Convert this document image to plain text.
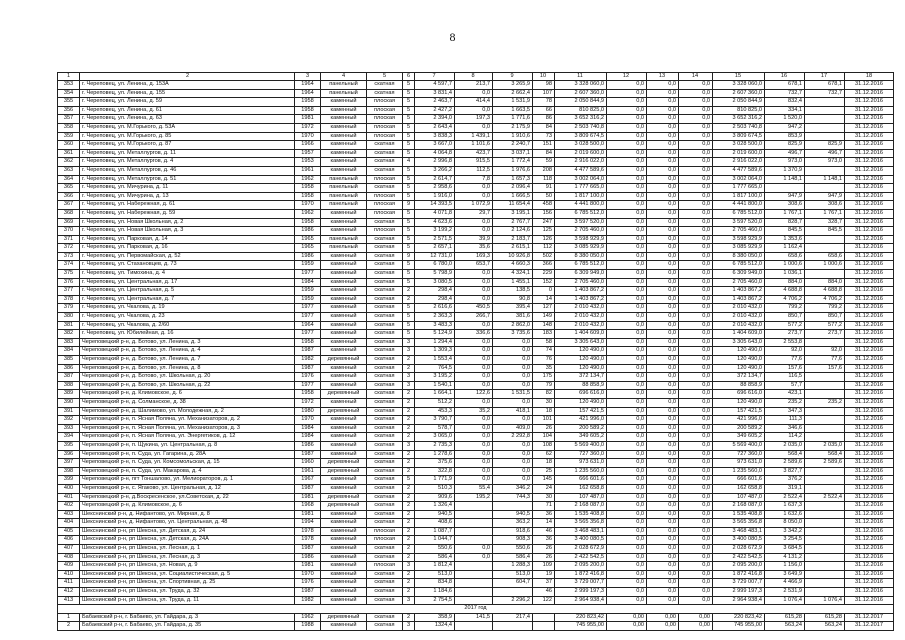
8
1	2	3	4	5	6	7	8	9	10	11	12	13	14	15	16	17	18
353	г. Череповец, ул. Ленина, д. 153А	1964	панельный	скатная	5	4 597,7	213,7	3 265,9	98	3 328 060,0	0,0	0,0	0,0	3 328 060,0	678,1	678,1	31.12.2016
354	г. Череповец, ул. Ленина, д. 155	1964	панельный	скатная	5	3 831,4	0,0	2 662,4	107	2 607 360,0	0,0	0,0	0,0	2 607 360,0	732,7	732,7	31.12.2016
355	г. Череповец, ул. Ленина, д. 59	1958	каменный	плоская	5	2 463,7	414,4	1 531,9	78	2 050 844,9	0,0	0,0	0,0	2 050 844,9	832,4		31.12.2016
356	г. Череповец, ул. Ленина, д. 61	1958	каменный	плоская	5	2 427,2	0,0	1 663,5	66	810 825,0	0,0	0,0	0,0	810 825,0	334,1		31.12.2016
357	г. Череповец, ул. Ленина, д. 63	1981	каменный	плоская	5	2 394,0	197,3	1 771,6	86	3 652 316,2	0,0	0,0	0,0	3 652 316,2	1 520,0		31.12.2016
358	г. Череповец, ул. М.Горького, д. 53А	1972	каменный	плоская	5	2 643,4	0,0	2 175,9	84	2 503 740,8	0,0	0,0	0,0	2 503 740,8	947,2		31.12.2016
359	г. Череповец, ул. М.Горького, д. 85	1970	каменный	плоская	5	3 838,3	1 439,1	1 910,6	73	3 809 674,5	0,0	0,0	0,0	3 809 674,5	853,9		31.12.2016
360	г. Череповец, ул. М.Горького, д. 87	1966	каменный	скатная	5	3 667,0	1 101,6	2 240,7	151	3 028 500,0	0,0	0,0	0,0	3 028 500,0	825,9	825,9	31.12.2016
361	г. Череповец, ул. Металлургов, д. 11	1957	каменный	скатная	5	4 064,8	423,7	3 037,1	84	2 019 600,0	0,0	0,0	0,0	2 019 600,0	496,7	496,7	31.12.2016
362	г. Череповец, ул. Металлургов, д. 4	1953	каменный	скатная	4	2 996,8	915,5	1 772,4	59	2 916 022,0	0,0	0,0	0,0	2 916 022,0	973,0	973,0	31.12.2016
363	г. Череповец, ул. Металлургов, д. 46	1961	каменный	скатная	5	3 266,2	112,5	1 976,6	208	4 477 589,6	0,0	0,0	0,0	4 477 589,6	1 370,9		31.12.2016
364	г. Череповец, ул. Металлургов, д. 51	1962	панельный	плоская	5	2 614,7	7,8	1 657,3	118	3 002 064,0	0,0	0,0	0,0	3 002 064,0	1 148,1	1 148,1	31.12.2016
365	г. Череповец, ул. Мичурина, д. 11	1958	панельный	скатная	5	2 958,6	0,0	2 096,4	91	1 777 665,0	0,0	0,0	0,0	1 777 665,0			31.12.2016
366	г. Череповец, ул. Мичурина, д. 13	1958	панельный	плоская	5	1 916,0	0,0	1 666,5	50	1 817 100,0	0,0	0,0	0,0	1 817 100,0	947,9	947,9	31.12.2016
367	г. Череповец, ул. Набережная, д. 61	1970	панельный	плоская	9	14 393,5	1 072,9	11 654,4	458	4 441 800,0	0,0	0,0	0,0	4 441 800,0	308,6	308,6	31.12.2016
368	г. Череповец, ул. Набережная, д. 59	1962	каменный	плоская	5	4 071,8	29,7	3 195,1	156	6 785 512,0	0,0	0,0	0,0	6 785 512,0	1 767,1	1 767,1	31.12.2016
369	г. Череповец, ул. Новая Школьная, д. 2	1958	каменный	скатная	5	4 623,6	0,0	2 767,7	247	3 597 520,0	0,0	0,0	0,0	3 597 520,0	828,7	328,7	31.12.2016
370	г. Череповец, ул. Новая Школьная, д. 3	1986	каменный	плоская	5	3 199,2	0,0	2 124,6	125	2 705 460,0	0,0	0,0	0,0	2 705 460,0	845,5	845,5	31.12.2016
371	г. Череповец, ул. Парковая, д. 14	1965	панельный	скатная	5	2 571,5	39,9	2 183,7	126	3 598 929,9	0,0	0,0	0,0	3 598 929,9	1 353,6		31.12.2016
372	г. Череповец, ул. Парковая, д. 16	1965	панельный	скатная	5	2 657,1	35,6	2 615,1	112	3 085 929,9	0,0	0,0	0,0	3 085 929,9	1 162,4		31.12.2016
373	г. Череповец, ул. Первомайская, д. 52	1986	каменный	скатная	9	12 731,0	169,3	10 926,8	502	8 380 050,0	0,0	0,0	0,0	8 380 050,0	658,6	658,6	31.12.2016
374	г. Череповец, ул. Стахановцев, д. 73	1959	каменный	скатная	5	6 780,0	653,7	4 660,3	366	6 785 512,0	0,0	0,0	0,0	6 785 512,0	1 000,6	1 000,6	31.12.2016
375	г. Череповец, ул. Тимохина, д. 4	1977	каменный	скатная	5	5 798,9	0,0	4 324,1	229	6 309 949,0	0,0	0,0	0,0	6 309 949,0	1 036,1		31.12.2016
376	г. Череповец, ул. Центральная, д. 17	1984	каменный	скатная	5	3 080,5	0,0	1 455,1	152	2 705 460,0	0,0	0,0	0,0	2 705 460,0	884,0	884,0	31.12.2016
377	г. Череповец, ул. Центральная, д. 5	1959	каменный	скатная	2	298,4	0,0	138,5	0	1 403 867,2	0,0	0,0	0,0	1 403 867,2	4 688,8	4 688,8	31.12.2016
378	г. Череповец, ул. Центральная, д. 7	1959	каменный	скатная	2	298,4	0,0	90,8	14	1 403 867,2	0,0	0,0	0,0	1 403 867,2	4 706,2	4 706,2	31.12.2016
379	г. Череповец, ул. Чкалова, д. 19	1977	каменный	скатная	5	2 616,6	450,5	395,4	127	2 010 432,0	0,0	0,0	0,0	2 010 432,0	799,2	799,2	31.12.2016
380	г. Череповец, ул. Чкалова, д. 23	1977	каменный	скатная	5	2 363,3	266,7	381,6	149	2 010 432,0	0,0	0,0	0,0	2 010 432,0	850,7	850,7	31.12.2016
381	г. Череповец, ул. Чкалова, д. 2/60	1964	каменный	скатная	5	3 483,3	0,0	2 862,0	148	2 010 432,0	0,0	0,0	0,0	2 010 432,0	577,2	577,2	31.12.2016
382	г. Череповец, ул. Юбилейная, д. 16	1977	каменный	скатная	5	5 124,9	336,6	3 735,6	183	1 404 609,0	0,0	0,0	0,0	1 404 609,0	273,7	273,7	31.12.2016
383	Череповецкий р-н, д. Ботово, ул. Ленина, д. 3	1958	каменный	скатная	3	1 294,4	0,0	0,0	58	3 305 643,0	0,0	0,0	0,0	3 305 643,0	2 553,8		31.12.2016
384	Череповецкий р-н, д. Ботово, ул. Ленина, д. 4	1987	каменный	скатная	3	1 309,3	0,0	0,0	74	120 490,0	0,0	0,0	0,0	120 490,0	92,0	92,0	31.12.2016
385	Череповецкий р-н, д. Ботово, ул. Ленина, д. 7	1982	деревянный	скатная	2	1 553,4	0,0	0,0	76	120 490,0	0,0	0,0	0,0	120 490,0	77,6	77,6	31.12.2016
386	Череповецкий р-н, д. Ботово, ул. Ленина, д. 8	1987	каменный	скатная	2	764,5	0,0	0,0	35	120 490,0	0,0	0,0	0,0	120 490,0	157,6	157,6	31.12.2016
387	Череповецкий р-н, д. Ботово, ул. Школьная, д. 20	1976	каменный	скатная	3	3 195,2	0,0	0,0	175	372 134,7	0,0	0,0	0,0	372 134,7	116,5		31.12.2016
388	Череповецкий р-н, д. Ботово, ул. Школьная, д. 22	1977	каменный	скатная	3	1 540,1	0,0	0,0	79	88 858,9	0,0	0,0	0,0	88 858,9	57,7		31.12.2016
389	Череповецкий р-н, д. Климовское, д. 6	1958	деревянный	скатная	2	1 664,1	122,6	1 531,5	82	696 616,0	0,0	0,0	0,0	696 616,0	423,1		31.12.2016
390	Череповецкий р-н, д. Солманское, д. 38	1972	каменный	скатная	2	512,2	0,0	0,0	30	120 490,0	0,0	0,0	0,0	120 490,0	235,2	235,2	31.12.2016
391	Череповецкий р-н, д. Шалимово, ул. Молодежная, д. 2	1980	деревянный	скатная	2	453,3	35,2	418,1	18	157 421,5	0,0	0,0	0,0	157 421,5	347,3		31.12.2016
392	Череповецкий р-н, п. Ясная Поляна, ул. Механизаторов, д. 2	1970	каменный	скатная	2	3 790,7	0,0	0,0	101	421 996,0	0,0	0,0	0,0	421 996,0	111,3		31.12.2016
393	Череповецкий р-н, п. Ясная Поляна, ул. Механизаторов, д. 3	1984	каменный	скатная	2	578,7	0,0	409,0	26	200 589,2	0,0	0,0	0,0	200 589,2	346,6		31.12.2016
394	Череповецкий р-н, п. Ясная Поляна, ул. Энергетиков, д. 12	1984	каменный	скатная	2	3 065,0	0,0	2 292,8	104	349 605,2	0,0	0,0	0,0	349 605,2	114,2		31.12.2016
395	Череповецкий р-н, п. Щукина, ул. Центральная, д. 8	1986	каменный	скатная	3	2 735,3	0,0	0,0	108	5 569 400,0	0,0	0,0	0,0	5 569 400,0	2 035,0	2 035,0	31.12.2016
396	Череповецкий р-н, п. Суда, ул. Гагарина, д. 28А	1987	каменный	скатная	2	1 278,6	0,0	0,0	62	727 360,0	0,0	0,0	0,0	727 360,0	568,4	568,4	31.12.2016
397	Череповецкий р-н, п. Суда, ул. Комсомольская, д. 15	1960	деревянный	скатная	2	375,6	0,0	0,0	18	973 631,0	0,0	0,0	0,0	973 631,0	2 589,6	2 589,6	31.12.2016
398	Череповецкий р-н, п. Суда, ул. Макарова, д. 4	1961	деревянный	скатная	2	322,8	0,0	0,0	25	1 235 560,0	0,0	0,0	0,0	1 235 560,0	3 827,7		31.12.2016
399	Череповецкий р-н, пгт Тоншалово, ул. Мелиораторов, д. 1	1967	каменный	скатная	5	1 771,9	0,0	0,0	145	666 601,6	0,0	0,0	0,0	666 601,6	376,2		31.12.2016
400	Череповецкий р-н, с. Ягаково, ул. Центральная, д. 12	1987	каменный	скатная	2	510,3	55,4	346,2	24	162 658,8	0,0	0,0	0,0	162 658,8	319,1		31.12.2016
401	Череповецкий р-н, д.Воскресенское, ул.Советская, д. 22	1981	деревянный	скатная	2	909,6	195,2	744,3	30	107 487,0	0,0	0,0	0,0	107 487,0	2 522,4	2 522,4	31.12.2016
402	Череповецкий р-н, д. Климовское, д. 6	1968	деревянный	скатная	2	1 326,4			71	2 168 087,0	0,0	0,0	0,0	2 168 087,0	1 637,3		31.12.2016
403	Шекснинский р-н, д. Нифантово, ул. Мирная, д. 8	1981	каменный	скатная	2	940,5		940,5	36	1 535 408,8	0,0	0,0	0,0	1 535 408,8	1 632,6		31.12.2016
404	Шекснинский р-н, д. Нифантово, ул. Центральная, д. 48	1994	каменный	скатная	2	408,6		363,2	14	3 565 356,8	0,0	0,0	0,0	3 565 356,8	8 050,0		31.12.2016
405	Шекснинский р-н, рп Шексна, ул. Детская, д. 24	1978	каменный	плоская	2	1 087,7		918,6	46	3 468 483,1	0,0	0,0	0,0	3 468 483,1	3 342,2		31.12.2016
406	Шекснинский р-н, рп Шексна, ул. Детская, д. 24А	1978	каменный	плоская	2	1 044,7		908,3	36	3 400 080,5	0,0	0,0	0,0	3 400 080,5	3 254,5		31.12.2016
407	Шекснинский р-н, рп Шексна, ул. Лесная, д. 1	1987	каменный	скатная	2	550,6	0,0	550,6	26	2 028 672,9	0,0	0,0	0,0	2 028 672,9	3 684,5		31.12.2016
408	Шекснинский р-н, рп Шексна, ул. Лесная, д. 3	1986	каменный	скатная	2	586,4	0,0	586,4	26	2 422 542,5	0,0	0,0	0,0	2 422 542,5	4 131,2		31.12.2016
409	Шекснинский р-н, рп Шексна, ул. Новая, д. 9	1981	каменный	плоская	3	1 812,4		1 288,3	109	2 095 200,0	0,0	0,0	0,0	2 095 200,0	1 156,0		31.12.2016
410	Шекснинский р-н, рп Шексна, ул. Социалистическая, д. 5	1970	каменный	скатная	2	513,0		513,0	19	1 872 416,8	0,0	0,0	0,0	1 872 416,8	3 649,9		31.12.2016
411	Шекснинский р-н, рп Шексна, ул. Спортивная, д. 25	1976	каменный	скатная	2	834,8		604,7	37	3 729 007,7	0,0	0,0	0,0	3 729 007,7	4 466,9		31.12.2016
412	Шекснинский р-н, рп Шексна, ул. Труда, д. 32	1987	каменный	скатная	2	1 184,6			46	2 999 197,3	0,0	0,0	0,0	2 999 197,3	2 531,9		31.12.2016
413	Шекснинский р-н, рп Шексна, ул. Труда, д. 11	1982	каменный	скатная	3	2 754,5		2 296,2	122	2 964 938,4	0,0	0,0	0,0	2 964 938,4	1 076,4	1 076,4	31.12.2016
2017 год																	
1	Бабаевский р-н, г. Бабаево, ул. Гайдара, д. 3	1962	деревянный	скатная	2	358,9	141,5	217,4		220 823,42	0,00	0,00	0,00	220 823,42	615,28	615,28	31.12.2017
2	Бабаевский р-н, г. Бабаево, ул. Гайдара, д. 35	1988	каменный	скатная	3	1324,4				745 955,00	0,00	0,00	0,00	745 955,00	563,24	563,24	31.12.2017
